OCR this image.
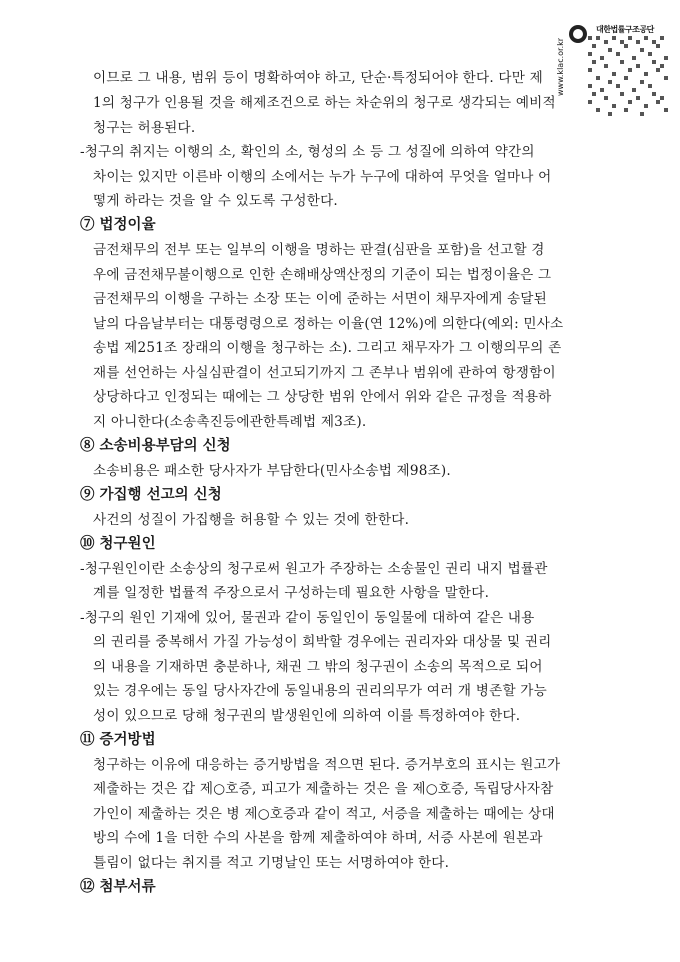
대한법률구조공단
www.klac.or.kr
이므로 그 내용, 범위 등이 명확하여야 하고, 단순·특정되어야 한다. 다만 제
1의 청구가 인용될 것을 해제조건으로 하는 차순위의 청구로 생각되는 예비적
청구는 허용된다.
-청구의 취지는 이행의 소, 확인의 소, 형성의 소 등 그 성질에 의하여 약간의
차이는 있지만 이른바 이행의 소에서는 누가 누구에 대하여 무엇을 얼마나 어
떻게 하라는 것을 알 수 있도록 구성한다.
⑦ 법정이율
금전채무의 전부 또는 일부의 이행을 명하는 판결(심판을 포함)을 선고할 경
우에 금전채무불이행으로 인한 손해배상액산정의 기준이 되는 법정이율은 그
금전채무의 이행을 구하는 소장 또는 이에 준하는 서면이 채무자에게 송달된
날의 다음날부터는 대통령령으로 정하는 이율(연 12%)에 의한다(예외: 민사소
송법 제251조 장래의 이행을 청구하는 소). 그리고 채무자가 그 이행의무의 존
재를 선언하는 사실심판결이 선고되기까지 그 존부나 범위에 관하여 항쟁함이
상당하다고 인정되는 때에는 그 상당한 범위 안에서 위와 같은 규정을 적용하
지 아니한다(소송촉진등에관한특례법 제3조).
⑧ 소송비용부담의 신청
소송비용은 패소한 당사자가 부담한다(민사소송법 제98조).
⑨ 가집행 선고의 신청
사건의 성질이 가집행을 허용할 수 있는 것에 한한다.
⑩ 청구원인
-청구원인이란 소송상의 청구로써 원고가 주장하는 소송물인 권리 내지 법률관
계를 일정한 법률적 주장으로서 구성하는데 필요한 사항을 말한다.
-청구의 원인 기재에 있어, 물권과 같이 동일인이 동일물에 대하여 같은 내용
의 권리를 중복해서 가질 가능성이 희박할 경우에는 권리자와 대상물 및 권리
의 내용을 기재하면 충분하나, 채권 그 밖의 청구권이 소송의 목적으로 되어
있는 경우에는 동일 당사자간에 동일내용의 권리의무가 여러 개 병존할 가능
성이 있으므로 당해 청구권의 발생원인에 의하여 이를 특정하여야 한다.
⑪ 증거방법
청구하는 이유에 대응하는 증거방법을 적으면 된다. 증거부호의 표시는 원고가
제출하는 것은 갑 제○호증, 피고가 제출하는 것은 을 제○호증, 독립당사자참
가인이 제출하는 것은 병 제○호증과 같이 적고, 서증을 제출하는 때에는 상대
방의 수에 1을 더한 수의 사본을 함께 제출하여야 하며, 서증 사본에 원본과
틀림이 없다는 취지를 적고 기명날인 또는 서명하여야 한다.
⑫ 첨부서류
